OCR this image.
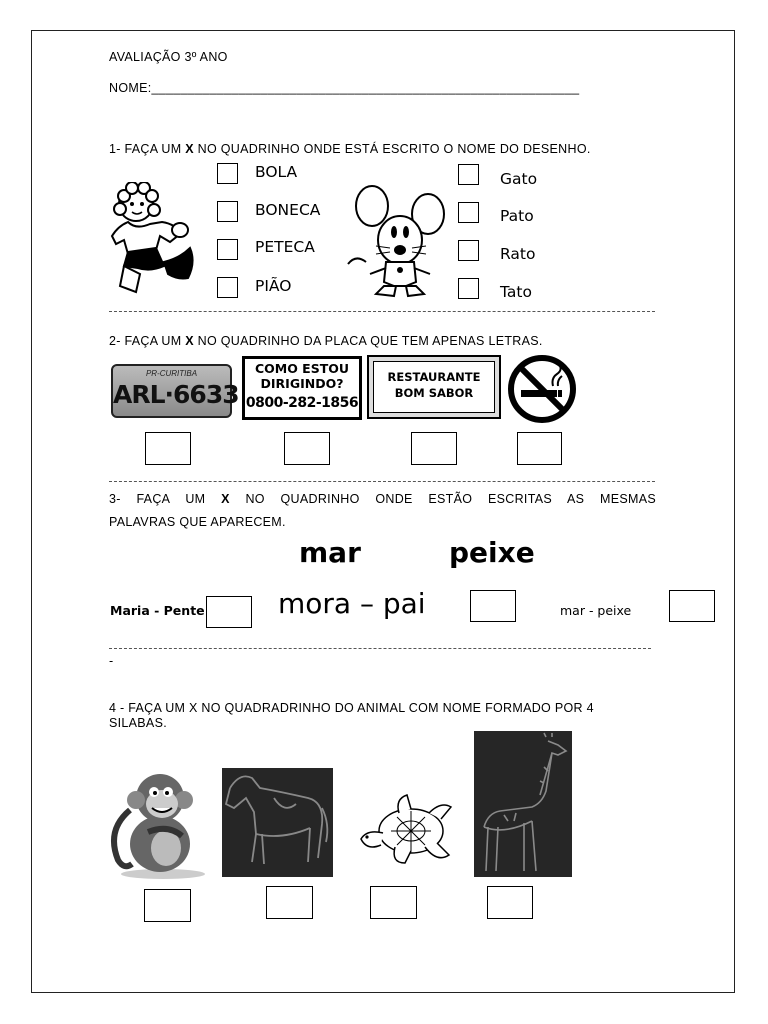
AVALIAÇÃO 3º ANO
NOME:___________________________________________________________
1- FAÇA UM X NO QUADRINHO ONDE ESTÁ ESCRITO O NOME DO DESENHO.
BOLA
BONECA
PETECA
PIÃO
Gato
Pato
Rato
Tato
2- FAÇA UM X NO QUADRINHO DA PLACA QUE TEM APENAS LETRAS.
PR-CURITIBA
ARL·6633
COMO ESTOU
DIRIGINDO?
0800-282-1856
RESTAURANTE
BOM SABOR
3- FAÇA UM X NO QUADRINHO ONDE ESTÃO ESCRITAS AS MESMAS
PALAVRAS QUE APARECEM.
mar	peixe
Maria - Pente	mora – pai	mar - peixe
-
4 - FAÇA UM X NO QUADRADRINHO DO ANIMAL COM NOME FORMADO POR 4
SILABAS.
